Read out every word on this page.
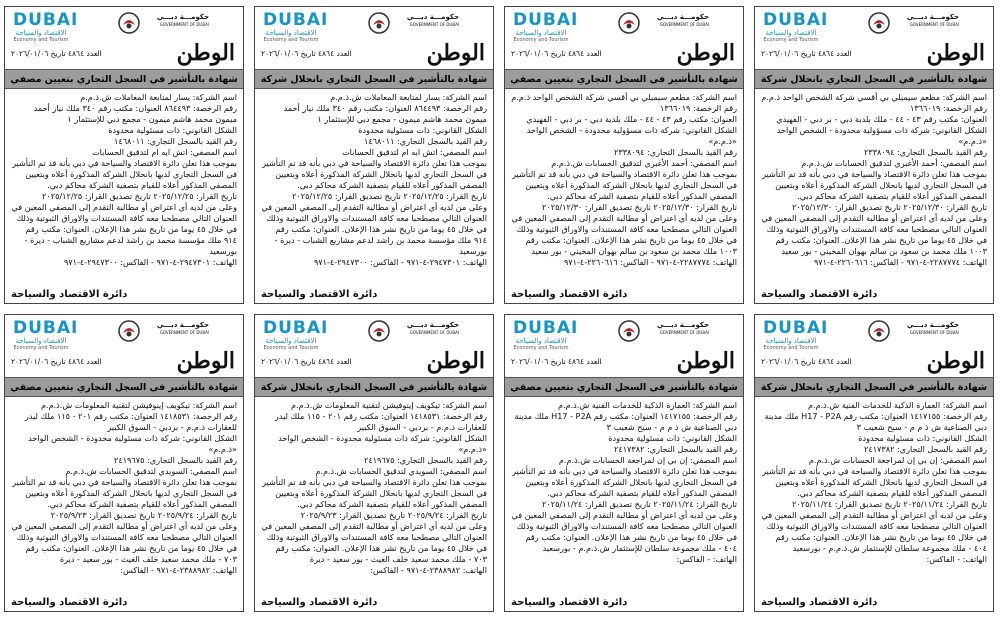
DUBAI
الاقتصاد والسياحة
Economy and Tourism
حكومـــة دبـــي
GOVERNMENT OF DUBAI
الوطن
العدد ٤٨٦٤ تاريخ ٢٠٢٦/٠١/٠٦
شهادة بالتأشير في السجل التجاري بانحلال شركة

اسم الشركة: مطعم سيميلي بي أقسي شركة الشخص الواحد ذ.م.م

رقم الرخصة: ١٣٦٦٠١٩

العنوان: مكتب رقم ٤٣ - ٤٤ - ملك بلدية دبي - بر دبي - الفهيدي

الشكل القانوني: شركة ذات مسؤولية محدودة - الشخص الواحد «ذ.م.م»

رقم القيد بالسجل التجاري: ٢٣٣٨٠٩٤

اسم المصفي: أحمد الأغبري لتدقيق الحسابات ش.ذ.م.م

بموجب هذا تعلن دائرة الاقتصاد والسياحة في دبي بأنه قد تم التأشير في السجل التجاري لديها بانحلال الشركة المذكورة أعلاه وبتعيين المصفي المذكور أعلاه للقيام بتصفية الشركة محاكم دبي.

تاريخ القرار: ٢٠٢٥/١٢/٣٠ تاريخ تصديق القرار: ٢٠٢٥/١٢/٣٠

وعلى من لديه أي اعتراض أو مطالبة التقدم إلى المصفي المعين في العنوان التالي مصطحبا معه كافة المستندات والاوراق الثبوتية وذلك في خلال ٤٥ يوما من تاريخ نشر هذا الإعلان. العنوان: مكتب رقم ١٠٠٣ ملك محمد بن سعود بن سالم بهوان المخيني - بور سعيد

الهاتف: ٢٢٨٧٧٧٤-٤-٩٧١ - الفاكس: ٢٢٦٠٦١٦-٤-٩٧١

دائرة الاقتصاد والسياحة
DUBAI
الاقتصاد والسياحة
Economy and Tourism
حكومـــة دبـــي
GOVERNMENT OF DUBAI
الوطن
العدد ٤٨٦٤ تاريخ ٢٠٢٦/٠١/٠٦
شهادة بالتأشير في السجل التجاري بتعيين مصفي

اسم الشركة: مطعم سيميلي بي أقسي شركة الشخص الواحد ذ.م.م

رقم الرخصة: ١٣٦٦٠١٩

العنوان: مكتب رقم ٤٣ - ٤٤ - ملك بلدية دبي - بر دبي - الفهيدي

الشكل القانوني: شركة ذات مسؤولية محدودة - الشخص الواحد «ذ.م.م»

رقم القيد بالسجل التجاري: ٢٣٣٨٠٩٤

اسم المصفي: أحمد الأغبري لتدقيق الحسابات ش.ذ.م.م

بموجب هذا تعلن دائرة الاقتصاد والسياحة في دبي بأنه قد تم التأشير في السجل التجاري لديها بانحلال الشركة المذكورة أعلاه وبتعيين المصفي المذكور أعلاه للقيام بتصفية الشركة محاكم دبي.

تاريخ القرار: ٢٠٢٥/١٢/٣٠ تاريخ تصديق القرار: ٢٠٢٥/١٢/٣٠

وعلى من لديه أي اعتراض أو مطالبة التقدم إلى المصفي المعين في العنوان التالي مصطحبا معه كافة المستندات والاوراق الثبوتية وذلك في خلال ٤٥ يوما من تاريخ نشر هذا الإعلان. العنوان: مكتب رقم ١٠٠٣ ملك محمد بن سعود بن سالم بهوان المخيني - بور سعيد

الهاتف: ٢٢٨٧٧٧٤-٤-٩٧١ - الفاكس: ٢٢٦٠٦١٦-٤-٩٧١

دائرة الاقتصاد والسياحة
DUBAI
الاقتصاد والسياحة
Economy and Tourism
حكومـــة دبـــي
GOVERNMENT OF DUBAI
الوطن
العدد ٤٨٦٤ تاريخ ٢٠٢٦/٠١/٠٦
شهادة بالتأشير في السجل التجاري بانحلال شركة

اسم الشركة: يسار لمتابعة المعاملات ش.ذ.م.م

رقم الرخصة: ٨٦٤٤٩٣ العنوان: مكتب رقم ٣٤٠ ملك نياز أحمد ميمون محمد هاشم ميمون - مجمع دبي للإستثمار ١

الشكل القانوني: ذات مسئولية محدودة

رقم القيد بالسجل التجاري: ١٤٦٨٠١١

اسم المصفي: اتش ايه ام لتدقيق الحسابات

بموجب هذا تعلن دائرة الاقتصاد والسياحة في دبي بأنه قد تم التأشير في السجل التجاري لديها بانحلال الشركة المذكورة أعلاه وبتعيين المصفي المذكور أعلاه للقيام بتصفية الشركة محاكم دبي.

تاريخ القرار: ٢٠٢٥/١٢/٢٥ تاريخ تصديق القرار: ٢٠٢٥/١٢/٢٥

وعلى من لديه أي اعتراض أو مطالبة التقدم إلى المصفي المعين في العنوان التالي مصطحبا معه كافة المستندات والاوراق الثبوتية وذلك في خلال ٤٥ يوما من تاريخ نشر هذا الإعلان. العنوان: مكتب رقم ٩١٤ ملك مؤسسة محمد بن راشد لدعم مشاريع الشباب - ديرة - بورسعيد

الهاتف: ٢٩٤٧٣٠١-٤-٩٧١ - الفاكس: ٢٩٤٧٣٠٠-٤-٩٧١

دائرة الاقتصاد والسياحة
DUBAI
الاقتصاد والسياحة
Economy and Tourism
حكومـــة دبـــي
GOVERNMENT OF DUBAI
الوطن
العدد ٤٨٦٤ تاريخ ٢٠٢٦/٠١/٠٦
شهادة بالتأشير في السجل التجاري بتعيين مصفي

اسم الشركة: يسار لمتابعة المعاملات ش.ذ.م.م

رقم الرخصة: ٨٦٤٤٩٣ العنوان: مكتب رقم ٣٤٠ ملك نياز أحمد ميمون محمد هاشم ميمون - مجمع دبي للإستثمار ١

الشكل القانوني: ذات مسئولية محدودة

رقم القيد بالسجل التجاري: ١٤٦٨٠١١

اسم المصفي: اتش ايه ام لتدقيق الحسابات

بموجب هذا تعلن دائرة الاقتصاد والسياحة في دبي بأنه قد تم التأشير في السجل التجاري لديها بانحلال الشركة المذكورة أعلاه وبتعيين المصفي المذكور أعلاه للقيام بتصفية الشركة محاكم دبي.

تاريخ القرار: ٢٠٢٥/١٢/٢٥ تاريخ تصديق القرار: ٢٠٢٥/١٢/٢٥

وعلى من لديه أي اعتراض أو مطالبة التقدم إلى المصفي المعين في العنوان التالي مصطحبا معه كافة المستندات والاوراق الثبوتية وذلك في خلال ٤٥ يوما من تاريخ نشر هذا الإعلان. العنوان: مكتب رقم ٩١٤ ملك مؤسسة محمد بن راشد لدعم مشاريع الشباب - ديرة - بورسعيد

الهاتف: ٢٩٤٧٣٠١-٤-٩٧١ - الفاكس: ٢٩٤٧٣٠٠-٤-٩٧١

دائرة الاقتصاد والسياحة
DUBAI
الاقتصاد والسياحة
Economy and Tourism
حكومـــة دبـــي
GOVERNMENT OF DUBAI
الوطن
العدد ٤٨٦٤ تاريخ ٢٠٢٦/٠١/٠٦
شهادة بالتأشير في السجل التجاري بانحلال شركة

اسم الشركة: العمارة الذكية للخدمات الفنية ش.ذ.م.م

رقم الرخصة: ١٤١٧١٥٥ العنوان: مكتب رقم H17 - P2A ملك مدينة دبي الصناعية ش ذ م م - سيح شعيب ٣

الشكل القانوني: ذات مسئولية محدودة

رقم القيد بالسجل التجاري: ٢٤١٧٣٨٢

اسم المصفي: إن بي إن لمراجعة الحسابات ش.ذ.م.م

بموجب هذا تعلن دائرة الاقتصاد والسياحة في دبي بأنه قد تم التأشير في السجل التجاري لديها بانحلال الشركة المذكورة أعلاه وبتعيين المصفي المذكور أعلاه للقيام بتصفية الشركة محاكم دبي.

تاريخ القرار: ٢٠٢٥/١١/٢٤ تاريخ تصديق القرار: ٢٠٢٥/١١/٢٤

وعلى من لديه أي اعتراض أو مطالبة التقدم إلى المصفي المعين في العنوان التالي مصطحبا معه كافة المستندات والاوراق الثبوتية وذلك في خلال ٤٥ يوما من تاريخ نشر هذا الإعلان. العنوان: مكتب رقم ٤٠٤ - ملك مجموعة سلطان للإستثمار ش.ذ.م.م - بورسعيد

الهاتف: - الفاكس:

دائرة الاقتصاد والسياحة
DUBAI
الاقتصاد والسياحة
Economy and Tourism
حكومـــة دبـــي
GOVERNMENT OF DUBAI
الوطن
العدد ٤٨٦٤ تاريخ ٢٠٢٦/٠١/٠٦
شهادة بالتأشير في السجل التجاري بتعيين مصفي

اسم الشركة: العمارة الذكية للخدمات الفنية ش.ذ.م.م

رقم الرخصة: ١٤١٧١٥٥ العنوان: مكتب رقم H17 - P2A ملك مدينة دبي الصناعية ش ذ م م - سيح شعيب ٣

الشكل القانوني: ذات مسئولية محدودة

رقم القيد بالسجل التجاري: ٢٤١٧٣٨٢

اسم المصفي: إن بي إن لمراجعة الحسابات ش.ذ.م.م

بموجب هذا تعلن دائرة الاقتصاد والسياحة في دبي بأنه قد تم التأشير في السجل التجاري لديها بانحلال الشركة المذكورة أعلاه وبتعيين المصفي المذكور أعلاه للقيام بتصفية الشركة محاكم دبي.

تاريخ القرار: ٢٠٢٥/١١/٢٤ تاريخ تصديق القرار: ٢٠٢٥/١١/٢٤

وعلى من لديه أي اعتراض أو مطالبة التقدم إلى المصفي المعين في العنوان التالي مصطحبا معه كافة المستندات والاوراق الثبوتية وذلك في خلال ٤٥ يوما من تاريخ نشر هذا الإعلان. العنوان: مكتب رقم ٤٠٤ - ملك مجموعة سلطان للإستثمار ش.ذ.م.م - بورسعيد

الهاتف: - الفاكس:

دائرة الاقتصاد والسياحة
DUBAI
الاقتصاد والسياحة
Economy and Tourism
حكومـــة دبـــي
GOVERNMENT OF DUBAI
الوطن
العدد ٤٨٦٤ تاريخ ٢٠٢٦/٠١/٠٦
شهادة بالتأشير في السجل التجاري بانحلال شركة

اسم الشركة: تيكويف إينوفيشن لتقنية المعلومات ش.ذ.م.م

رقم الرخصة: ١٤١٨٥٣١ العنوان: مكتب رقم ٢٠١ - ١١٥ ملك ليدر للعقارات ذ.م.م - بردبي - السوق الكبير

الشكل القانوني: شركة ذات مسئولية محدودة - الشخص الواحد «ذ.م.م»

رقم القيد بالسجل التجاري: ٢٤١٩٦٧٥

اسم المصفي: السويدي لتدقيق الحسابات ش.ذ.م.م

بموجب هذا تعلن دائرة الاقتصاد والسياحة في دبي بأنه قد تم التأشير في السجل التجاري لديها بانحلال الشركة المذكورة أعلاه وبتعيين المصفي المذكور أعلاه للقيام بتصفية الشركة محاكم دبي.

تاريخ القرار: ٢٠٢٥/٩/٢٤ تاريخ تصديق القرار: ٢٠٢٥/٩/٢٣

وعلى من لديه أي اعتراض أو مطالبة التقدم إلى المصفي المعين في العنوان التالي مصطحبا معه كافة المستندات والاوراق الثبوتية وذلك في خلال ٤٥ يوما من تاريخ نشر هذا الإعلان. العنوان: مكتب رقم ٧٠٣ - ملك محمد سعيد خلف الغيث - بور سعيد - ديرة

الهاتف: ٢٣٨٨٩٨٢-٤-٩٧١ - الفاكس:

دائرة الاقتصاد والسياحة
DUBAI
الاقتصاد والسياحة
Economy and Tourism
حكومـــة دبـــي
GOVERNMENT OF DUBAI
الوطن
العدد ٤٨٦٤ تاريخ ٢٠٢٦/٠١/٠٦
شهادة بالتأشير في السجل التجاري بتعيين مصفي

اسم الشركة: تيكويف إينوفيشن لتقنية المعلومات ش.ذ.م.م

رقم الرخصة: ١٤١٨٥٣١ العنوان: مكتب رقم ٢٠١ - ١١٥ ملك ليدر للعقارات ذ.م.م - بردبي - السوق الكبير

الشكل القانوني: شركة ذات مسئولية محدودة - الشخص الواحد «ذ.م.م»

رقم القيد بالسجل التجاري: ٢٤١٩٦٧٥

اسم المصفي: السويدي لتدقيق الحسابات ش.ذ.م.م

بموجب هذا تعلن دائرة الاقتصاد والسياحة في دبي بأنه قد تم التأشير في السجل التجاري لديها بانحلال الشركة المذكورة أعلاه وبتعيين المصفي المذكور أعلاه للقيام بتصفية الشركة محاكم دبي.

تاريخ القرار: ٢٠٢٥/٩/٢٤ تاريخ تصديق القرار: ٢٠٢٥/٩/٢٣

وعلى من لديه أي اعتراض أو مطالبة التقدم إلى المصفي المعين في العنوان التالي مصطحبا معه كافة المستندات والاوراق الثبوتية وذلك في خلال ٤٥ يوما من تاريخ نشر هذا الإعلان. العنوان: مكتب رقم ٧٠٣ - ملك محمد سعيد خلف الغيث - بور سعيد - ديرة

الهاتف: ٢٣٨٨٩٨٢-٤-٩٧١ - الفاكس:

دائرة الاقتصاد والسياحة
